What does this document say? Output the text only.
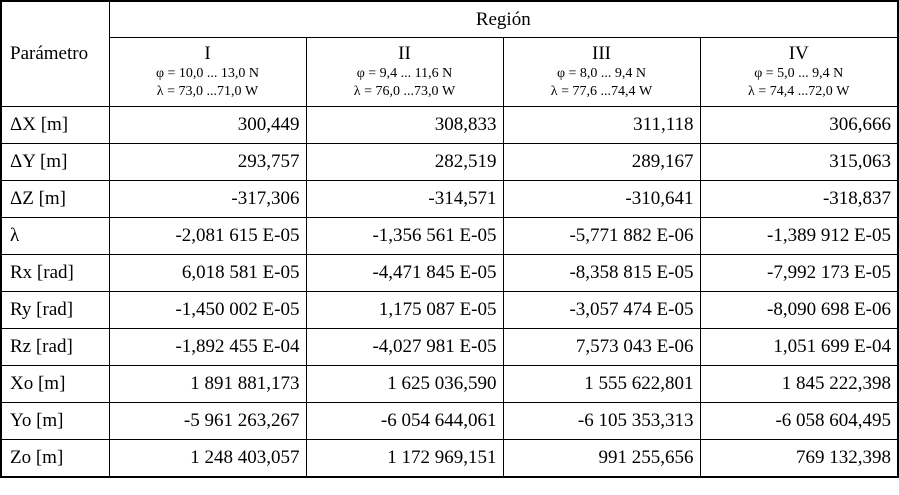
Parámetro	Región			

	I
φ = 10,0 ... 13,0 N
λ = 73,0 ...71,0 W	II
φ = 9,4 ... 11,6 N
λ = 76,0 ...73,0 W	III
φ = 8,0 ... 9,4 N
λ = 77,6 ...74,4 W	IV
φ = 5,0 ... 9,4 N
λ = 74,4 ...72,0 W

ΔX [m]	300,449	308,833	311,118	306,666
ΔY [m]	293,757	282,519	289,167	315,063
ΔZ [m]	-317,306	-314,571	-310,641	-318,837
λ	-2,081 615 E-05	-1,356 561 E-05	-5,771 882 E-06	-1,389 912 E-05
Rx [rad]	6,018 581 E-05	-4,471 845 E-05	-8,358 815 E-05	-7,992 173 E-05
Ry [rad]	-1,450 002 E-05	1,175 087 E-05	-3,057 474 E-05	-8,090 698 E-06
Rz [rad]	-1,892 455 E-04	-4,027 981 E-05	7,573 043 E-06	1,051 699 E-04
Xo [m]	1 891 881,173	1 625 036,590	1 555 622,801	1 845 222,398
Yo [m]	-5 961 263,267	-6 054 644,061	-6 105 353,313	-6 058 604,495
Zo [m]	1 248 403,057	1 172 969,151	991 255,656	769 132,398
